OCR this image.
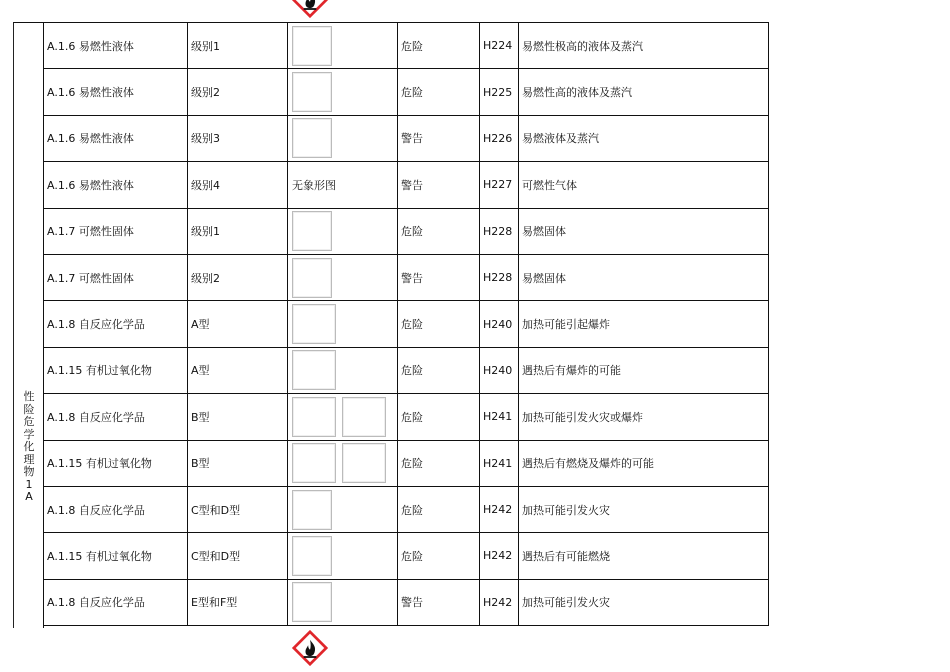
性
险
危
学
化
理
物
1
A
A.1.6 易燃性液体	级别1	危险	H224 易燃性极高的液体及蒸汽
A.1.6 易燃性液体	级别2	危险	H225 易燃性高的液体及蒸汽
A.1.6 易燃性液体	级别3	警告	H226 易燃液体及蒸汽
A.1.6 易燃性液体	级别4	无象形图	警告	H227 可燃性气体
A.1.7 可燃性固体	级别1	危险	H228 易燃固体
A.1.7 可燃性固体	级别2	警告	H228 易燃固体
A.1.8 自反应化学品	A型	危险	H240 加热可能引起爆炸
A.1.15 有机过氧化物	A型	危险	H240 遇热后有爆炸的可能
A.1.8 自反应化学品	B型	危险	H241 加热可能引发火灾或爆炸
A.1.15 有机过氧化物	B型	危险	H241 遇热后有燃烧及爆炸的可能
A.1.8 自反应化学品	C型和D型	危险	H242 加热可能引发火灾
A.1.15 有机过氧化物	C型和D型	危险	H242 遇热后有可能燃烧
A.1.8 自反应化学品	E型和F型	警告	H242 加热可能引发火灾
